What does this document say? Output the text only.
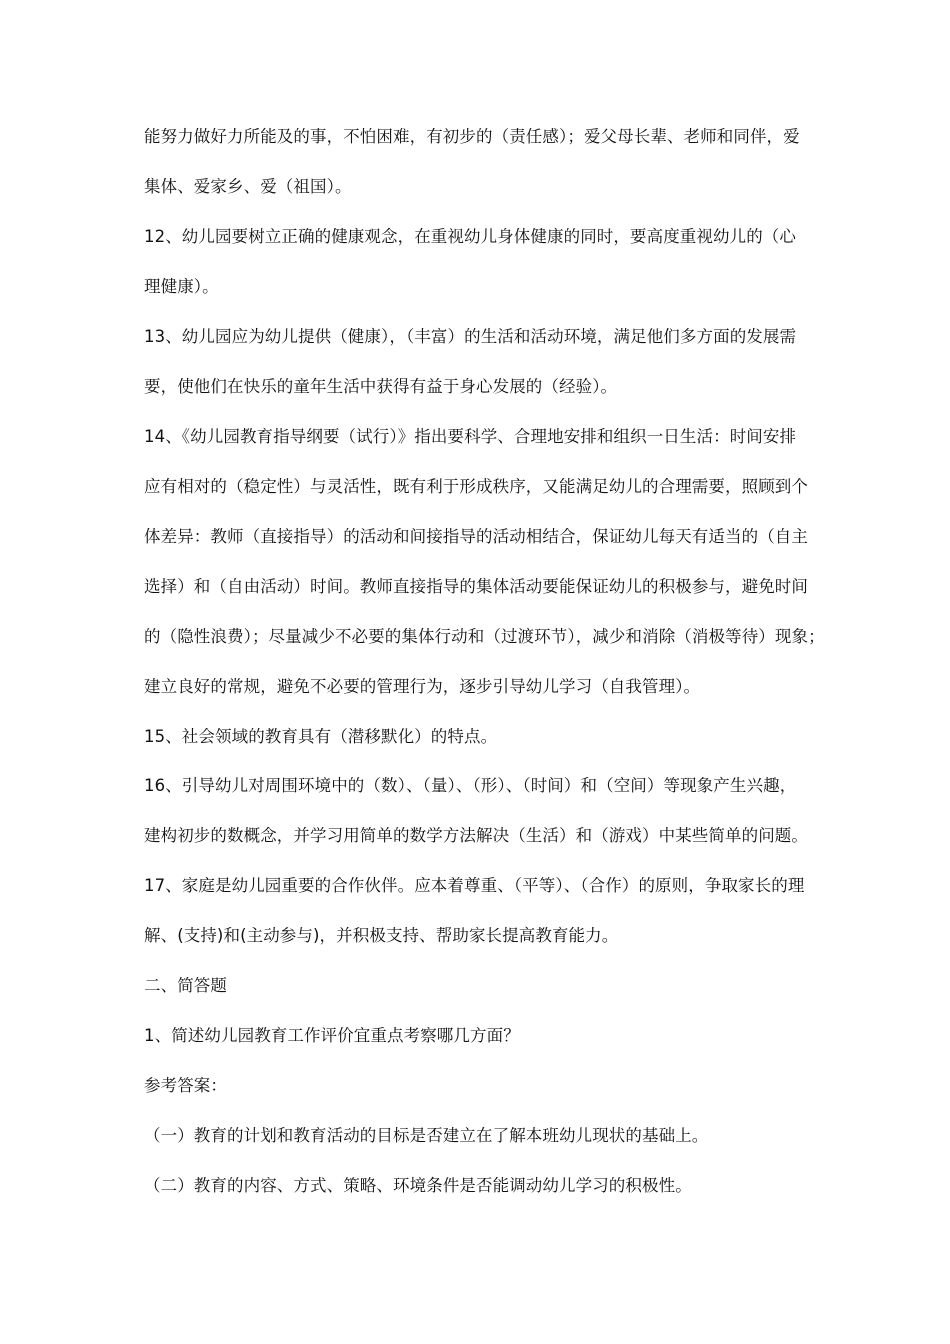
能努力做好力所能及的事，不怕困难，有初步的（责任感）；爱父母长辈、老师和同伴，爱
集体、爱家乡、爱（祖国）。
12、幼儿园要树立正确的健康观念，在重视幼儿身体健康的同时，要高度重视幼儿的（心
理健康）。
13、幼儿园应为幼儿提供（健康），（丰富）的生活和活动环境，满足他们多方面的发展需
要，使他们在快乐的童年生活中获得有益于身心发展的（经验）。
14、《幼儿园教育指导纲要（试行）》指出要科学、合理地安排和组织一日生活：时间安排
应有相对的（稳定性）与灵活性，既有利于形成秩序，又能满足幼儿的合理需要，照顾到个
体差异：教师（直接指导）的活动和间接指导的活动相结合，保证幼儿每天有适当的（自主
选择）和（自由活动）时间。教师直接指导的集体活动要能保证幼儿的积极参与，避免时间
的（隐性浪费）；尽量减少不必要的集体行动和（过渡环节），减少和消除（消极等待）现象；
建立良好的常规，避免不必要的管理行为，逐步引导幼儿学习（自我管理）。
15、社会领域的教育具有（潜移默化）的特点。
16、引导幼儿对周围环境中的（数）、（量）、（形）、（时间）和（空间）等现象产生兴趣，
建构初步的数概念，并学习用简单的数学方法解决（生活）和（游戏）中某些简单的问题。
17、家庭是幼儿园重要的合作伙伴。应本着尊重、（平等）、（合作）的原则，争取家长的理
解、(支持)和(主动参与)，并积极支持、帮助家长提高教育能力。
二、简答题
1、简述幼儿园教育工作评价宜重点考察哪几方面？
参考答案：
（一）教育的计划和教育活动的目标是否建立在了解本班幼儿现状的基础上。
（二）教育的内容、方式、策略、环境条件是否能调动幼儿学习的积极性。
